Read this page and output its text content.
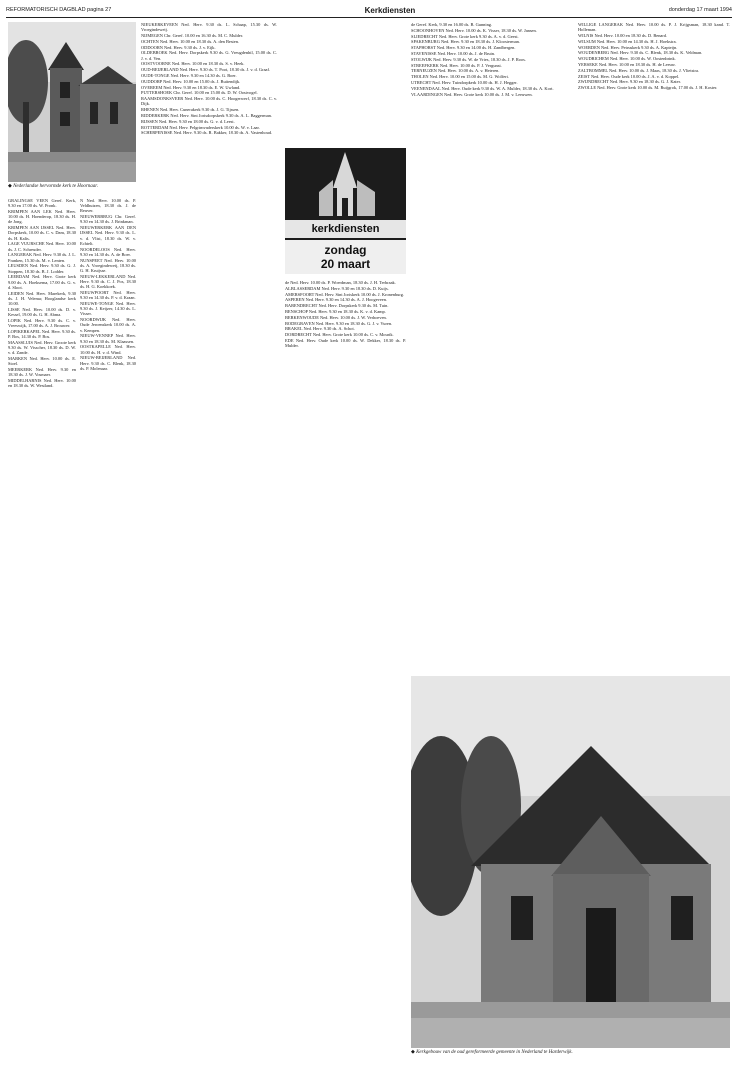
REFORMATORISCH DAGBLAD pagina 27	Kerkdiensten	donderdag 17 maart 1994
◆ Nederlandse hervormde kerk te Hoornaar.

GRALINGSE VEEN Geref. Kerk, 9.30 en 17.00 ds. W. Pronk.

KRIMPEN AAN LEK Ned. Herv. 10.00 ds. H. Hoenderop, 18.30 ds. H. de Jong.

KRIMPEN AAN IJSSEL Ned. Herv. Dorpskerk, 10.00 ds. C. v. Dam, 18.30 ds. H. Kalis.

LAGE VUURSCHE Ned. Herv. 10.00 ds. J. C. Schreuder.

LANGERAK Ned. Herv. 9.30 ds. J. L. Franken, 15.30 ds. M. v. Lenten.

LEUSDEN Ned. Herv. 9.30 ds. G. J. Stoppen, 18.30 ds. B. J. Lodder.

LEERDAM Ned. Herv. Grote kerk 9.00 ds. A. Hoeksema, 17.00 ds. G. v. d. Sloot.

LEIDEN Ned. Herv. Marekerk, 9.30 ds. J. H. Velema; Hooglandse kerk 10.00.

LISSE Ned. Herv. 10.00 ds. D. v. Kessel, 19.00 ds. G. H. Abma.

LOPIK Ned. Herv. 9.30 ds. C. v. Vreeswijk, 17.00 ds. A. J. Brouwer.

LOPIKERKAPEL Ned. Herv. 9.30 ds. P. Bos, 14.30 ds. P. Bos.

MAASSLUIS Ned. Herv. Groote kerk 9.30 ds. W. Visscher, 18.30 ds. D. W. v. d. Zande.

MARKEN Ned. Herv. 10.00 ds. E. Stoel.

MEERKERK Ned. Herv. 9.30 en 18.30 ds. J. W. Vosmaer.

MIDDELHARNIS Ned. Herv. 10.00 en 18.30 ds. W. Westland.

N Ned. Herv. 10.00 ds. P. Veldhuizen, 18.30 ds. J. de Reuver.

NIEUWERBRUG Chr. Geref. 9.30 en 14.30 ds. J. Brinkman.

NIEUWERKERK AAN DEN IJSSEL Ned. Herv. 9.30 ds. L. v. d. Vlist, 18.30 ds. W. v. Echtelt.

NOORDELOOS Ned. Herv. 9.30 en 14.30 ds. A. de Boer.

NUNSPEET Ned. Herv. 10.00 ds. A. Vroegindeweij, 18.30 ds. G. H. Kruijsse.

NIEUW-LEKKERLAND Ned. Herv. 9.30 ds. C. J. Pos, 18.30 ds. H. G. Koekkoek.

NIEUWPOORT Ned. Herv. 9.30 en 14.30 ds. P. v. d. Kraan.

NIEUWE-TONGE Ned. Herv. 9.30 ds. J. Keijzer, 14.30 ds. L. Visser.

NOORDWIJK Ned. Herv. Oude Jeroenskerk 10.00 ds. A. v. Kempen.

NIEUW-VENNEP Ned. Herv. 9.30 en 18.30 ds. M. Klaassen.

OOSTKAPELLE Ned. Herv. 10.00 ds. H. v. d. Wind.

NIEUW-BEIJERLAND Ned. Herv. 9.30 ds. C. Blenk, 18.30 ds. P. Molenaar.

NIEUKERKEVEEN Ned. Herv. 9.30 ds. L. Schaap, 15.30 ds. W. Vroegindeweij.

NIJMEGEN Chr. Geref. 10.00 en 16.30 ds. M. C. Mulder.

OCHTEN Ned. Herv. 10.00 en 18.30 ds. A. den Besten.

ODDOORN Ned. Herv. 9.30 ds. J. v. Eijk.

OLDEBROEK Ned. Herv. Dorpskerk 9.30 ds. G. Vreugdenhil, 15.00 ds. C. J. v. d. Ven.

OOSTVOORNE Ned. Herv. 10.00 en 18.30 ds. S. v. Heek.

OUD-BEIJERLAND Ned. Herv. 9.30 ds. T. Poot, 18.30 ds. J. v. d. Graaf.

OUDE-TONGE Ned. Herv. 9.30 en 14.30 ds. G. Boer.

OUDDORP Ned. Herv. 10.00 en 15.00 ds. J. Buitendijk.

OVEREEM Ned. Herv. 9.30 en 18.30 ds. E. W. Uwland.

PUTTERSHOEK Chr. Geref. 10.00 en 15.00 ds. D. W. Oostvogel.

RAAMSDONKSVEER Ned. Herv. 10.00 ds. C. Hoogerwerf, 18.30 ds. C. v. Dijk.

RHENEN Ned. Herv. Cunerakerk 9.30 ds. J. G. Tijssen.

RIDDERKERK Ned. Herv. Sint Jorisdorpskerk 9.30 ds. A. L. Baggerman.

RIJSSEN Ned. Herv. 9.30 en 18.00 ds. G. v. d. Leest.

ROTTERDAM Ned. Herv. Pelgrimvaderskerk 10.00 ds. W. v. Laar.

SCHERPENISSE Ned. Herv. 9.30 ds. R. Bakker, 18.30 ds. A. Vastenhoud.

kerkdiensten
zondag
20 maart

de Ned. Herv. 10.00 ds. P. Woerdman, 18.30 ds. J. H. Terbraak.

ALBLASSERDAM Ned. Herv. 9.30 en 18.30 ds. D. Kuijs.

AMERSFOORT Ned. Herv. Sint Joriskerk 10.00 ds. J. Kronenburg.

ASPEREN Ned. Herv. 9.30 en 14.30 ds. A. J. Hoogeveen.

BARENDRECHT Ned. Herv. Dorpskerk 9.30 ds. M. Tuin.

BENSCHOP Ned. Herv. 9.30 en 18.30 ds. K. v. d. Kamp.

BERKENWOUDE Ned. Herv. 10.00 ds. J. W. Verhoeven.

BODEGRAVEN Ned. Herv. 9.30 en 18.30 ds. G. J. v. Vuren.

BRAKEL Ned. Herv. 9.30 ds. A. Schot.

DORDRECHT Ned. Herv. Grote kerk 10.00 ds. C. v. Mourik.

EDE Ned. Herv. Oude kerk 10.00 ds. W. Dekker, 18.30 ds. P. Mulder.

de Geref. Kerk, 9.30 en 16.00 ds. B. Gunning.

SCHOONHOVEN Ned. Herv. 10.00 ds. K. Visser, 18.30 ds. W. Jansen.

SLIEDRECHT Ned. Herv. Grote kerk 9.30 ds. A. v. d. Geest.

SPAKENBURG Ned. Herv. 9.30 en 18.30 ds. J. Kloosterman.

STAPHORST Ned. Herv. 9.30 en 14.00 ds. H. Zandbergen.

STAVENISSE Ned. Herv. 10.00 ds. J. de Bruin.

STOLWIJK Ned. Herv. 9.30 ds. W. de Vries, 18.30 ds. J. P. Roos.

STREEFKERK Ned. Herv. 10.00 ds. P. J. Vergunst.

TERNEUZEN Ned. Herv. 10.00 ds. A. v. Heteren.

THOLEN Ned. Herv. 10.00 en 15.00 ds. M. G. Wolfert.

UTRECHT Ned. Herv. Tuindorpkerk 10.00 ds. H. J. Hegger.

VEENENDAAL Ned. Herv. Oude kerk 9.30 ds. W. A. Mulder, 18.30 ds. A. Kort.

VLAARDINGEN Ned. Herv. Grote kerk 10.00 ds. J. M. v. Leeuwen.

WILLIGE LANGERAK Ned. Herv. 10.00 ds. P. J. Krijgsman, 18.30 kand. T. Holleman.

WILNIS Ned. Herv. 10.00 en 18.30 ds. D. Benard.

WILSUM Ned. Herv. 10.00 en 14.30 ds. H. J. Hoekstra.

WOERDEN Ned. Herv. Petruskerk 9.30 ds. A. Kapteijn.

WOUDENBERG Ned. Herv. 9.30 ds. C. Blenk, 18.30 ds. K. Veldman.

WOUDRICHEM Ned. Herv. 10.00 ds. W. Oostenbrink.

YERSEKE Ned. Herv. 10.00 en 18.30 ds. H. de Leeuw.

ZALTBOMMEL Ned. Herv. 10.00 ds. J. Maas, 18.30 ds. J. Vlietstra.

ZEIST Ned. Herv. Oude kerk 10.00 ds. J. A. v. d. Koppel.

ZWIJNDRECHT Ned. Herv. 9.30 en 18.30 ds. G. J. Kater.

ZWOLLE Ned. Herv. Grote kerk 10.00 ds. M. Ruijgrok, 17.00 ds. J. H. Koster.

◆ Kerkgebouw van de oud gereformeerde gemeente in Nederland te Harderwijk.
